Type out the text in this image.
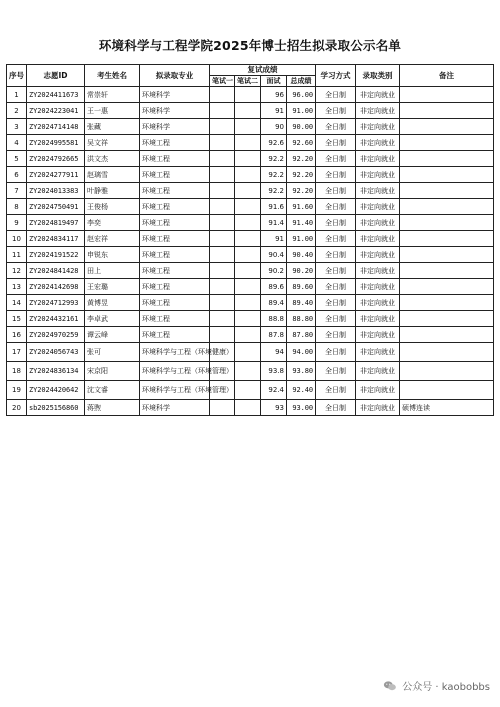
环境科学与工程学院2025年博士招生拟录取公示名单
序号	志愿ID	考生姓名	拟录取专业	复试成绩				学习方式	录取类别	备注
				笔试一	笔试二	面试	总成绩			
1	ZY2024411673	常崇轩	环境科学			96	96.00	全日制	非定向就业	
2	ZY2024223041	王一惠	环境科学			91	91.00	全日制	非定向就业	
3	ZY2024714148	张藏	环境科学			90	90.00	全日制	非定向就业	
4	ZY2024995581	吴文祥	环境工程			92.6	92.60	全日制	非定向就业	
5	ZY2024792665	洪文杰	环境工程			92.2	92.20	全日制	非定向就业	
6	ZY2024277911	赵璃雪	环境工程			92.2	92.20	全日制	非定向就业	
7	ZY2024013383	叶静雅	环境工程			92.2	92.20	全日制	非定向就业	
8	ZY2024750491	王俊杨	环境工程			91.6	91.60	全日制	非定向就业	
9	ZY2024819497	李奕	环境工程			91.4	91.40	全日制	非定向就业	
10	ZY2024834117	赵宏祥	环境工程			91	91.00	全日制	非定向就业	
11	ZY2024191522	申锐东	环境工程			90.4	90.40	全日制	非定向就业	
12	ZY2024841428	田上	环境工程			90.2	90.20	全日制	非定向就业	
13	ZY2024142698	王宏璐	环境工程			89.6	89.60	全日制	非定向就业	
14	ZY2024712993	黄博昱	环境工程			89.4	89.40	全日制	非定向就业	
15	ZY2024432161	李卓武	环境工程			88.8	88.80	全日制	非定向就业	
16	ZY2024970259	谭云峰	环境工程			87.8	87.80	全日制	非定向就业	
17	ZY2024056743	张可	环境科学与工程（环境健康）			94	94.00	全日制	非定向就业	
18	ZY2024836134	宋京阳	环境科学与工程（环境管理）			93.8	93.80	全日制	非定向就业	
19	ZY2024420642	沈文睿	环境科学与工程（环境管理）			92.4	92.40	全日制	非定向就业	
20	sb2025156860	蒋煦	环境科学			93	93.00	全日制	非定向就业	硕博连读
公众号 · kaobobbs
